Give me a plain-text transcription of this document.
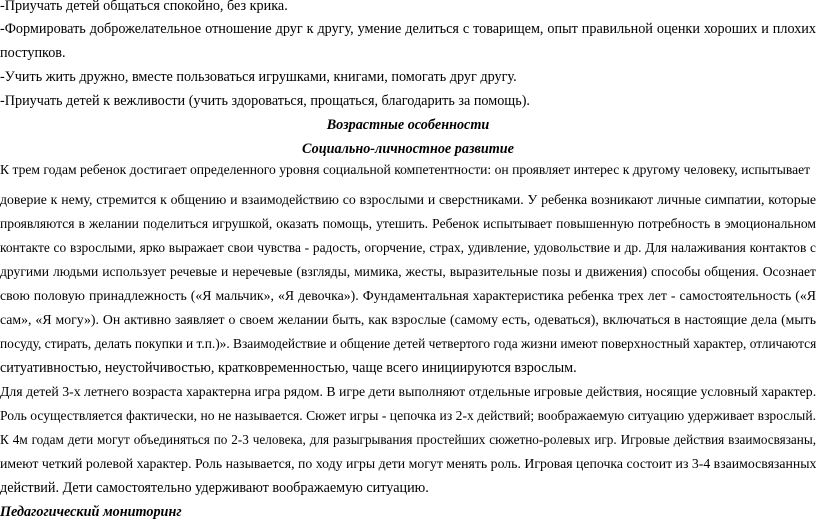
-Приучать детей общаться спокойно, без крика.
-Формировать доброжелательное отношение друг к другу, умение делиться с товарищем, опыт правильной оценки хороших и плохих
поступков.
-Учить жить дружно, вместе пользоваться игрушками, книгами, помогать друг другу.
-Приучать детей к вежливости (учить здороваться, прощаться, благодарить за помощь).
Возрастные особенности
Социально-личностное развитие
К трем годам ребенок достигает определенного уровня социальной компетентности: он проявляет интерес к другому человеку, испытывает
доверие к нему, стремится к общению и взаимодействию со взрослыми и сверстниками. У ребенка возникают личные симпатии, которые
проявляются в желании поделиться игрушкой, оказать помощь, утешить. Ребенок испытывает повышенную потребность в эмоциональном
контакте со взрослыми, ярко выражает свои чувства - радость, огорчение, страх, удивление, удовольствие и др. Для налаживания контактов с
другими людьми использует речевые и неречевые (взгляды, мимика, жесты, выразительные позы и движения) способы общения. Осознает
свою половую принадлежность («Я мальчик», «Я девочка»). Фундаментальная характеристика ребенка трех лет - самостоятельность («Я
сам», «Я могу»). Он активно заявляет о своем желании быть, как взрослые (самому есть, одеваться), включаться в настоящие дела (мыть
посуду, стирать, делать покупки и т.п.)». Взаимодействие и общение детей четвертого года жизни имеют поверхностный характер, отличаются
ситуативностью, неустойчивостью, кратковременностью, чаще всего инициируются взрослым.
Для детей 3-х летнего возраста характерна игра рядом. В игре дети выполняют отдельные игровые действия, носящие условный характер.
Роль осуществляется фактически, но не называется. Сюжет игры - цепочка из 2-х действий; воображаемую ситуацию удерживает взрослый.
К 4м годам дети могут объединяться по 2-3 человека, для разыгрывания простейших сюжетно-ролевых игр. Игровые действия взаимосвязаны,
имеют четкий ролевой характер. Роль называется, по ходу игры дети могут менять роль. Игровая цепочка состоит из 3-4 взаимосвязанных
действий. Дети самостоятельно удерживают воображаемую ситуацию.
Педагогический мониторинг
